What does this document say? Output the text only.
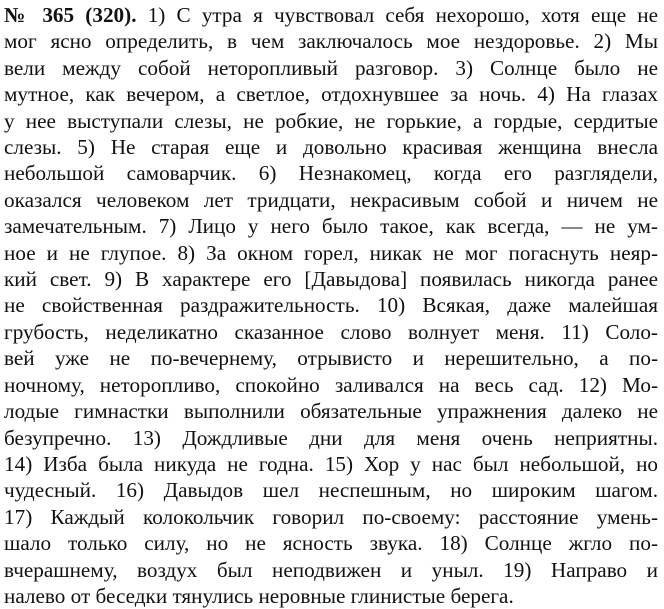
№ 365 (320). 1) С утра я чувствовал себя нехорошо, хотя еще не
мог ясно определить, в чем заключалось мое нездоровье. 2) Мы
вели между собой неторопливый разговор. 3) Солнце было не
мутное, как вечером, а светлое, отдохнувшее за ночь. 4) На глазах
у нее выступали слезы, не робкие, не горькие, а гордые, сердитые
слезы. 5) Не старая еще и довольно красивая женщина внесла
небольшой самоварчик. 6) Незнакомец, когда его разглядели,
оказался человеком лет тридцати, некрасивым собой и ничем не
замечательным. 7) Лицо у него было такое, как всегда, — не ум-
ное и не глупое. 8) За окном горел, никак не мог погаснуть неяр-
кий свет. 9) В характере его [Давыдова] появилась никогда ранее
не свойственная раздражительность. 10) Всякая, даже малейшая
грубость, неделикатно сказанное слово волнует меня. 11) Соло-
вей уже не по-вечернему, отрывисто и нерешительно, а по-
ночному, неторопливо, спокойно заливался на весь сад. 12) Мо-
лодые гимнастки выполнили обязательные упражнения далеко не
безупречно. 13) Дождливые дни для меня очень неприятны.
14) Изба была никуда не годна. 15) Хор у нас был небольшой, но
чудесный. 16) Давыдов шел неспешным, но широким шагом.
17) Каждый колокольчик говорил по-своему: расстояние умень-
шало только силу, но не ясность звука. 18) Солнце жгло по-
вчерашнему, воздух был неподвижен и уныл. 19) Направо и
налево от беседки тянулись неровные глинистые берега.
